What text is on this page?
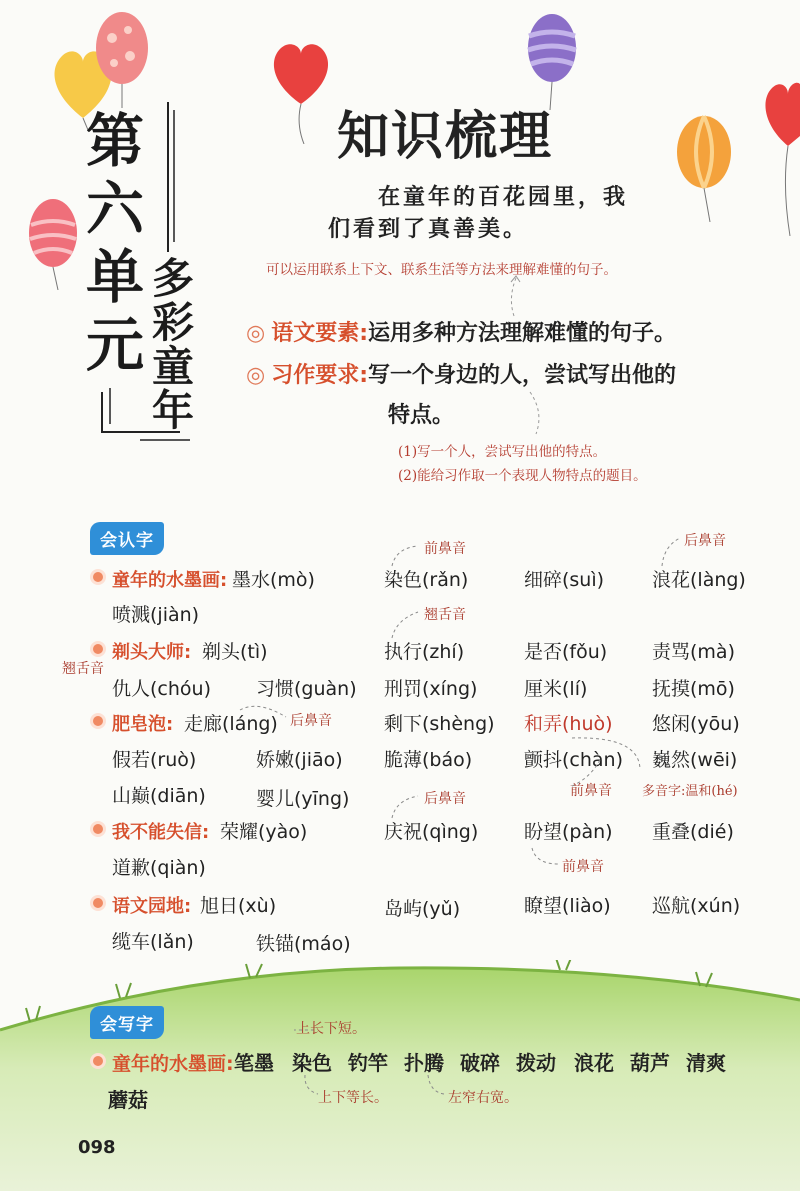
第
六
单
元
多
彩
童
年
知识梳理
在童年的百花园里，我
们看到了真善美。
可以运用联系上下文、联系生活等方法来理解难懂的句子。
◎ 语文要素:运用多种方法理解难懂的句子。
◎ 习作要求:写一个身边的人，尝试写出他的
特点。
(1)写一个人，尝试写出他的特点。
(2)能给习作取一个表现人物特点的题目。
会认字
童年的水墨画: 墨水(mò)	染色(rǎn)	细碎(suì)	浪花(làng)
喷溅(jiàn)
前鼻音	后鼻音
剃头大师: 剃头(tì)	执行(zhí)	是否(fǒu) 责骂(mà)
仇人(chóu) 习惯(guàn) 刑罚(xíng) 厘米(lí)	抚摸(mō)
翘舌音
翘舌音
肥皂泡: 走廊(láng)	剩下(shèng) 和弄(huò) 悠闲(yōu)
假若(ruò)	娇嫩(jiāo) 脆薄(báo)	颤抖(chàn) 巍然(wēi)
山巅(diān)	婴儿(yīng)
后鼻音
前鼻音 多音字:温和(hé)
我不能失信: 荣耀(yào)	庆祝(qìng) 盼望(pàn) 重叠(dié)
道歉(qiàn)
后鼻音
前鼻音
语文园地: 旭日(xù)	岛屿(yǔ)	瞭望(liào) 巡航(xún)
缆车(lǎn)	铁锚(máo)
会写字	上长下短。
童年的水墨画: 笔墨 染色 钓竿 扑腾 破碎 拨动 浪花 葫芦 清爽
蘑菇	上下等长。	左窄右宽。
098
